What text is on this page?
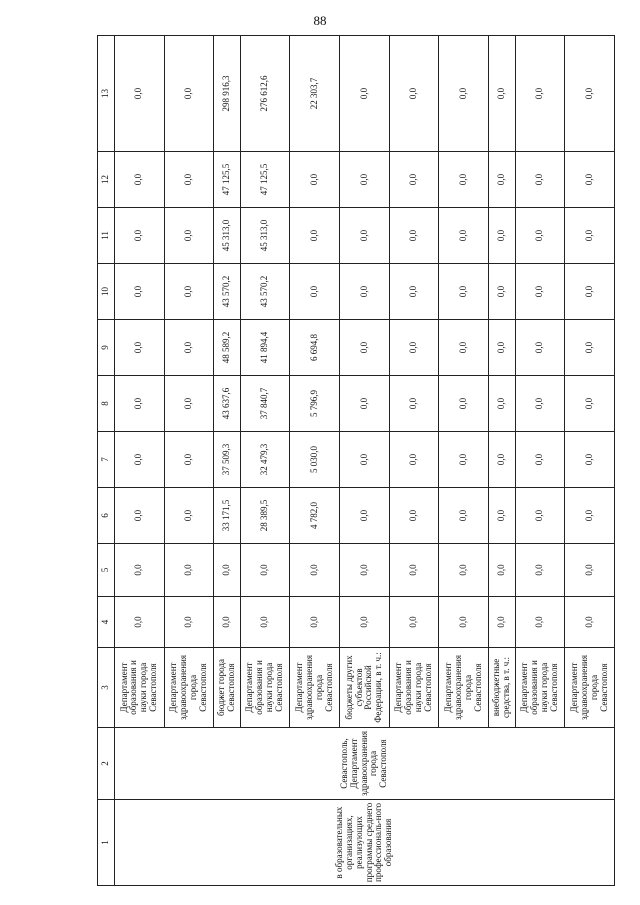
88
1	2	3	4	5	6	7	8	9	10	11	12	13
в образовательных организациях, реализующих программы среднего профессиональ-ного образования	Севастополь, Департамент здравоохранения города Севастополя	Департамент образования и науки города Севастополя	0,0	0,0	0,0	0,0	0,0	0,0	0,0	0,0	0,0	0,0
		Департамент здравоохранения города Севастополя	0,0	0,0	0,0	0,0	0,0	0,0	0,0	0,0	0,0	0,0
		бюджет города Севастополя	0,0	0,0	33 171,5	37 509,3	43 637,6	48 589,2	43 570,2	45 313,0	47 125,5	298 916,3
		Департамент образования и науки города Севастополя	0,0	0,0	28 389,5	32 479,3	37 840,7	41 894,4	43 570,2	45 313,0	47 125,5	276 612,6
		Департамент здравоохранения города Севастополя	0,0	0,0	4 782,0	5 030,0	5 796,9	6 694,8	0,0	0,0	0,0	22 303,7
		бюджеты других субъектов Российской Федерации, в т. ч.:	0,0	0,0	0,0	0,0	0,0	0,0	0,0	0,0	0,0	0,0
		Департамент образования и науки города Севастополя	0,0	0,0	0,0	0,0	0,0	0,0	0,0	0,0	0,0	0,0
		Департамент здравоохранения города Севастополя	0,0	0,0	0,0	0,0	0,0	0,0	0,0	0,0	0,0	0,0
		внебюджетные средства, в т. ч.:	0,0	0,0	0,0	0,0	0,0	0,0	0,0	0,0	0,0	0,0
		Департамент образования и науки города Севастополя	0,0	0,0	0,0	0,0	0,0	0,0	0,0	0,0	0,0	0,0
		Департамент здравоохранения города Севастополя	0,0	0,0	0,0	0,0	0,0	0,0	0,0	0,0	0,0	0,0
